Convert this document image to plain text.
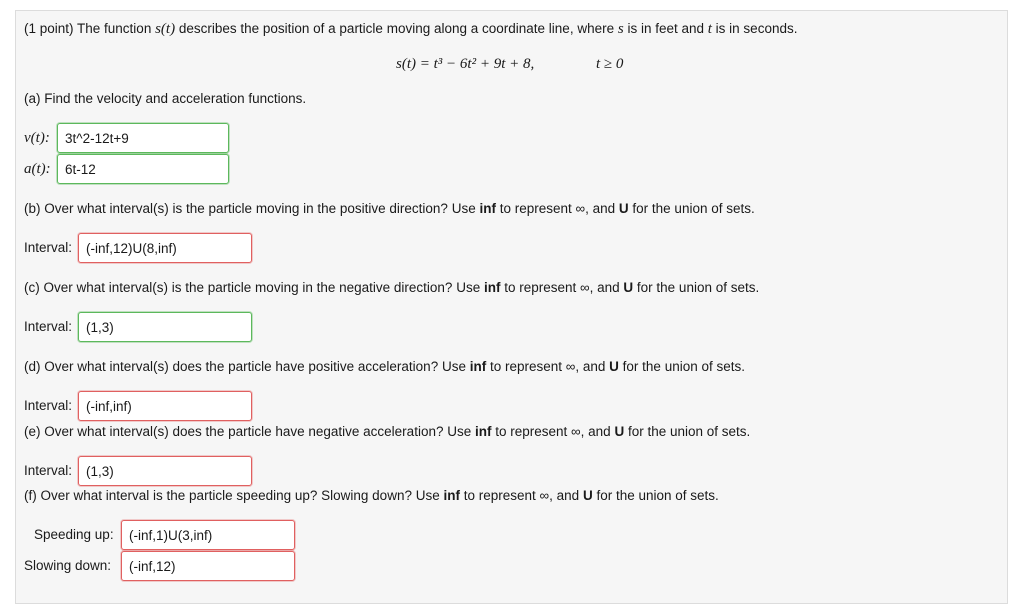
(1 point) The function s(t) describes the position of a particle moving along a coordinate line, where s is in feet and t is in seconds.
s(t) = t³ − 6t² + 9t + 8,	t ≥ 0
(a) Find the velocity and acceleration functions.
v(t):
3t^2-12t+9
a(t):
6t-12
(b) Over what interval(s) is the particle moving in the positive direction? Use inf to represent ∞, and U for the union of sets.
Interval:
(-inf,12)U(8,inf)
(c) Over what interval(s) is the particle moving in the negative direction? Use inf to represent ∞, and U for the union of sets.
Interval:
(1,3)
(d) Over what interval(s) does the particle have positive acceleration? Use inf to represent ∞, and U for the union of sets.
Interval:
(-inf,inf)
(e) Over what interval(s) does the particle have negative acceleration? Use inf to represent ∞, and U for the union of sets.
Interval:
(1,3)
(f) Over what interval is the particle speeding up? Slowing down? Use inf to represent ∞, and U for the union of sets.
Speeding up:
(-inf,1)U(3,inf)
Slowing down:
(-inf,12)
